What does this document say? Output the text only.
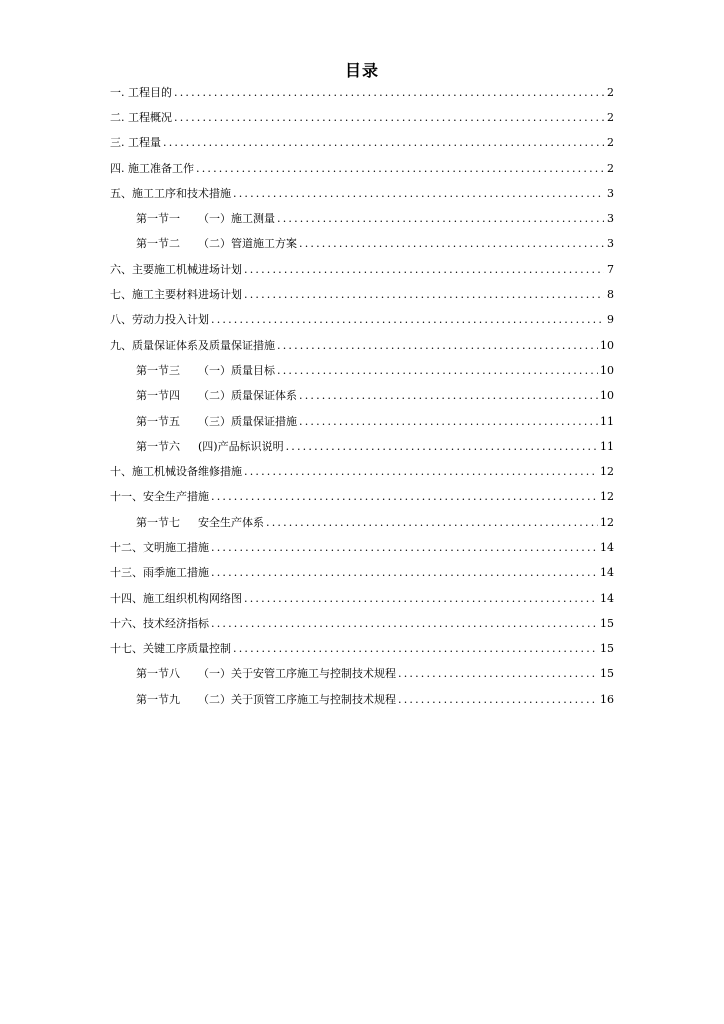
目录
一. 工程目的 .....	2
二. 工程概况 .....	2
三. 工程量 .....	2
四. 施工准备工作 .....	2
五、施工工序和技术措施 .....	3
第一节一 （一）施工测量 .....	3
第一节二 （二）管道施工方案 .....	3
六、主要施工机械进场计划 .....	7
七、施工主要材料进场计划 .....	8
八、劳动力投入计划 .....	9
九、质量保证体系及质量保证措施 .....	10
第一节三 （一）质量目标 .....	10
第一节四 （二）质量保证体系 .....	10
第一节五 （三）质量保证措施 .....	11
第一节六 (四)产品标识说明 .....	11
十、施工机械设备维修措施 .....	12
十一、安全生产措施 .....	12
第一节七 安全生产体系 .....	12
十二、文明施工措施 .....	14
十三、雨季施工措施 .....	14
十四、施工组织机构网络图 .....	14
十六、技术经济指标 .....	15
十七、关键工序质量控制 .....	15
第一节八 （一）关于安管工序施工与控制技术规程 .....	15
第一节九 （二）关于顶管工序施工与控制技术规程 .....	16
